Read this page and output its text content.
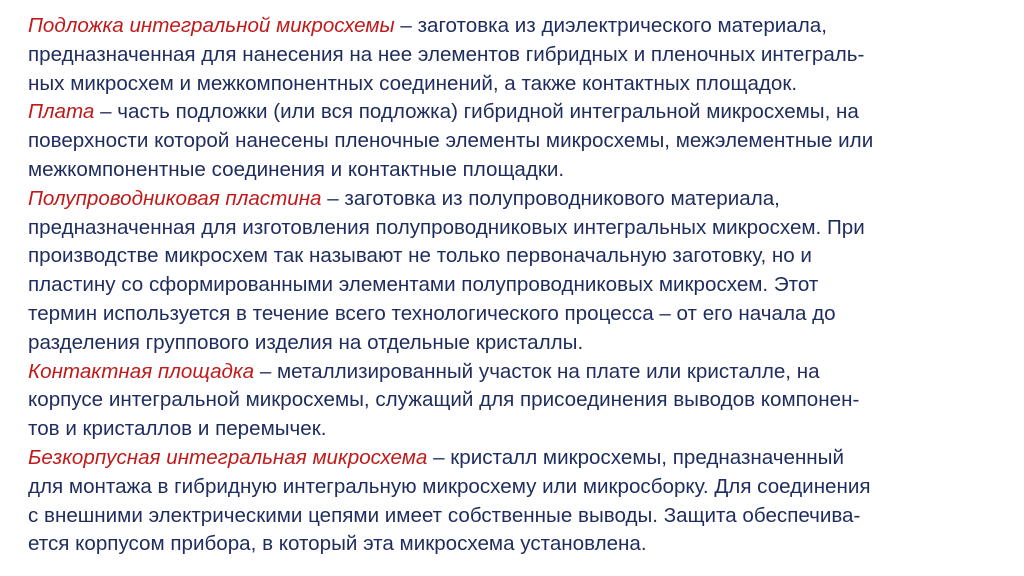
Подложка интегральной микросхемы – заготовка из диэлектрического материала,
предназначенная для нанесения на нее элементов гибридных и пленочных интеграль-
ных микросхем и межкомпонентных соединений, а также контактных площадок.
Плата – часть подложки (или вся подложка) гибридной интегральной микросхемы, на
поверхности которой нанесены пленочные элементы микросхемы, межэлементные или
межкомпонентные соединения и контактные площадки.
Полупроводниковая пластина – заготовка из полупроводникового материала,
предназначенная для изготовления полупроводниковых интегральных микросхем. При
производстве микросхем так называют не только первоначальную заготовку, но и
пластину со сформированными элементами полупроводниковых микросхем. Этот
термин используется в течение всего технологического процесса – от его начала до
разделения группового изделия на отдельные кристаллы.
Контактная площадка – металлизированный участок на плате или кристалле, на
корпусе интегральной микросхемы, служащий для присоединения выводов компонен-
тов и кристаллов и перемычек.
Безкорпусная интегральная микросхема – кристалл микросхемы, предназначенный
для монтажа в гибридную интегральную микросхему или микросборку. Для соединения
с внешними электрическими цепями имеет собственные выводы. Защита обеспечива-
ется корпусом прибора, в который эта микросхема установлена.
